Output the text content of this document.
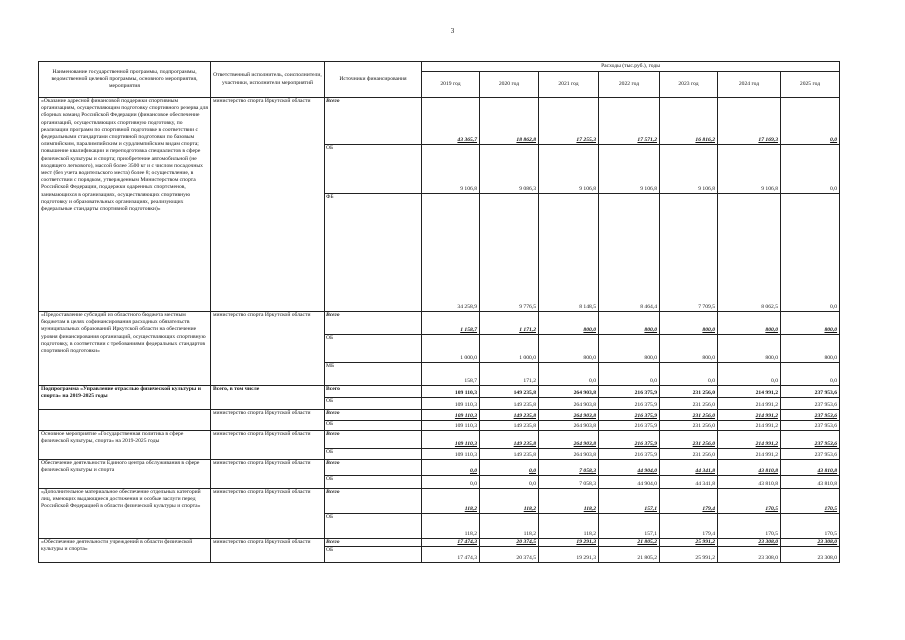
3
Наименование государственной программы, подпрограммы, ведомственной целевой программы, основного мероприятия, мероприятия	Ответственный исполнитель, соисполнители, участники, исполнители мероприятий	Источники финансирования	Расходы (тыс.руб.), годы						
			2019 год	2020 год	2021 год	2022 год	2023 год	2024 год	2025 год
«Оказание адресной финансовой поддержки спортивным организациям, осуществляющим подготовку спортивного резерва для сборных команд Российской Федерации (финансовое обеспечение организаций, осуществляющих спортивную подготовку, по реализации программ по спортивной подготовке в соответствии с федеральными стандартами спортивной подготовки по базовым олимпийским, паралимпийским и сурдлимпийским видам спорта; повышение квалификации и переподготовка специалистов в сфере физической культуры и спорта; приобретение автомобильной (не входящего легкового), массой более 3500 кг и с числом посадочных мест (без учета водительского места) более 8; осуществление, в соответствии с порядком, утвержденным Министерством спорта Российской Федерации, поддержки одаренных спортсменов, занимающихся в организациях, осуществляющих спортивную подготовку и образовательных организациях, реализующих федеральные стандарты спортивной подготовки)»	министерство спорта Иркутской области	Всего	43 365,7	18 862,8	17 255,3	17 571,2	16 816,2	17 169,3	0,0
		ОБ	9 106,8	9 086,3	9 106,8	9 106,8	9 106,8	9 106,8	0,0
		ФБ	34 258,9	9 776,5	8 148,5	8 464,4	7 709,5	8 062,5	0,0
«Предоставление субсидий из областного бюджета местным бюджетам в целях софинансирования расходных обязательств муниципальных образований Иркутской области на обеспечение уровня финансирования организаций, осуществляющих спортивную подготовку, в соответствии с требованиями федеральных стандартов спортивной подготовки»	министерство спорта Иркутской области	Всего	1 158,7	1 171,2	800,0	800,0	800,0	800,0	800,0
		ОБ	1 000,0	1 000,0	800,0	800,0	800,0	800,0	800,0
		МБ	158,7	171,2	0,0	0,0	0,0	0,0	0,0
Подпрограмма «Управление отраслью физической культуры и спорта» на 2019-2025 годы	Всего, в том числе	Всего	109 110,3	149 235,8	264 903,8	216 375,9	231 256,0	214 991,2	237 953,6
		ОБ	109 110,3	149 235,8	264 903,8	216 375,9	231 256,0	214 991,2	237 953,6
	министерство спорта Иркутской области	Всего	109 110,3	149 235,8	264 903,8	216 375,9	231 256,0	214 991,2	237 953,6
		ОБ	109 110,3	149 235,8	264 903,8	216 375,9	231 256,0	214 991,2	237 953,6
Основное мероприятие «Государственная политика в сфере физической культуры, спорта» на 2019-2025 годы	министерство спорта Иркутской области	Всего	109 110,3	149 235,8	264 903,8	216 375,9	231 256,0	214 991,2	237 953,6
		ОБ	109 110,3	149 235,8	264 903,8	216 375,9	231 256,0	214 991,2	237 953,6
Обеспечение деятельности Единого центра обслуживания в сфере физической культуры и спорта	министерство спорта Иркутской области	Всего	0,0	0,0	7 058,3	44 904,0	44 341,8	43 810,8	43 810,8
		ОБ	0,0	0,0	7 058,3	44 904,0	44 341,8	43 810,8	43 810,8
«Дополнительное материальное обеспечение отдельных категорий лиц, имеющих выдающиеся достижения и особые заслуги перед Российской Федерацией в области физической культуры и спорта»	министерство спорта Иркутской области	Всего	118,2	118,2	118,2	157,1	179,4	170,5	170,5
		ОБ	118,2	118,2	118,2	157,1	179,4	170,5	170,5
«Обеспечение деятельности учреждений в области физической культуры и спорта»	министерство спорта Иркутской области	Всего	17 474,3	20 374,5	19 291,3	21 805,2	25 991,2	23 308,0	23 308,0
		ОБ	17 474,3	20 374,5	19 291,3	21 805,2	25 991,2	23 308,0	23 308,0
